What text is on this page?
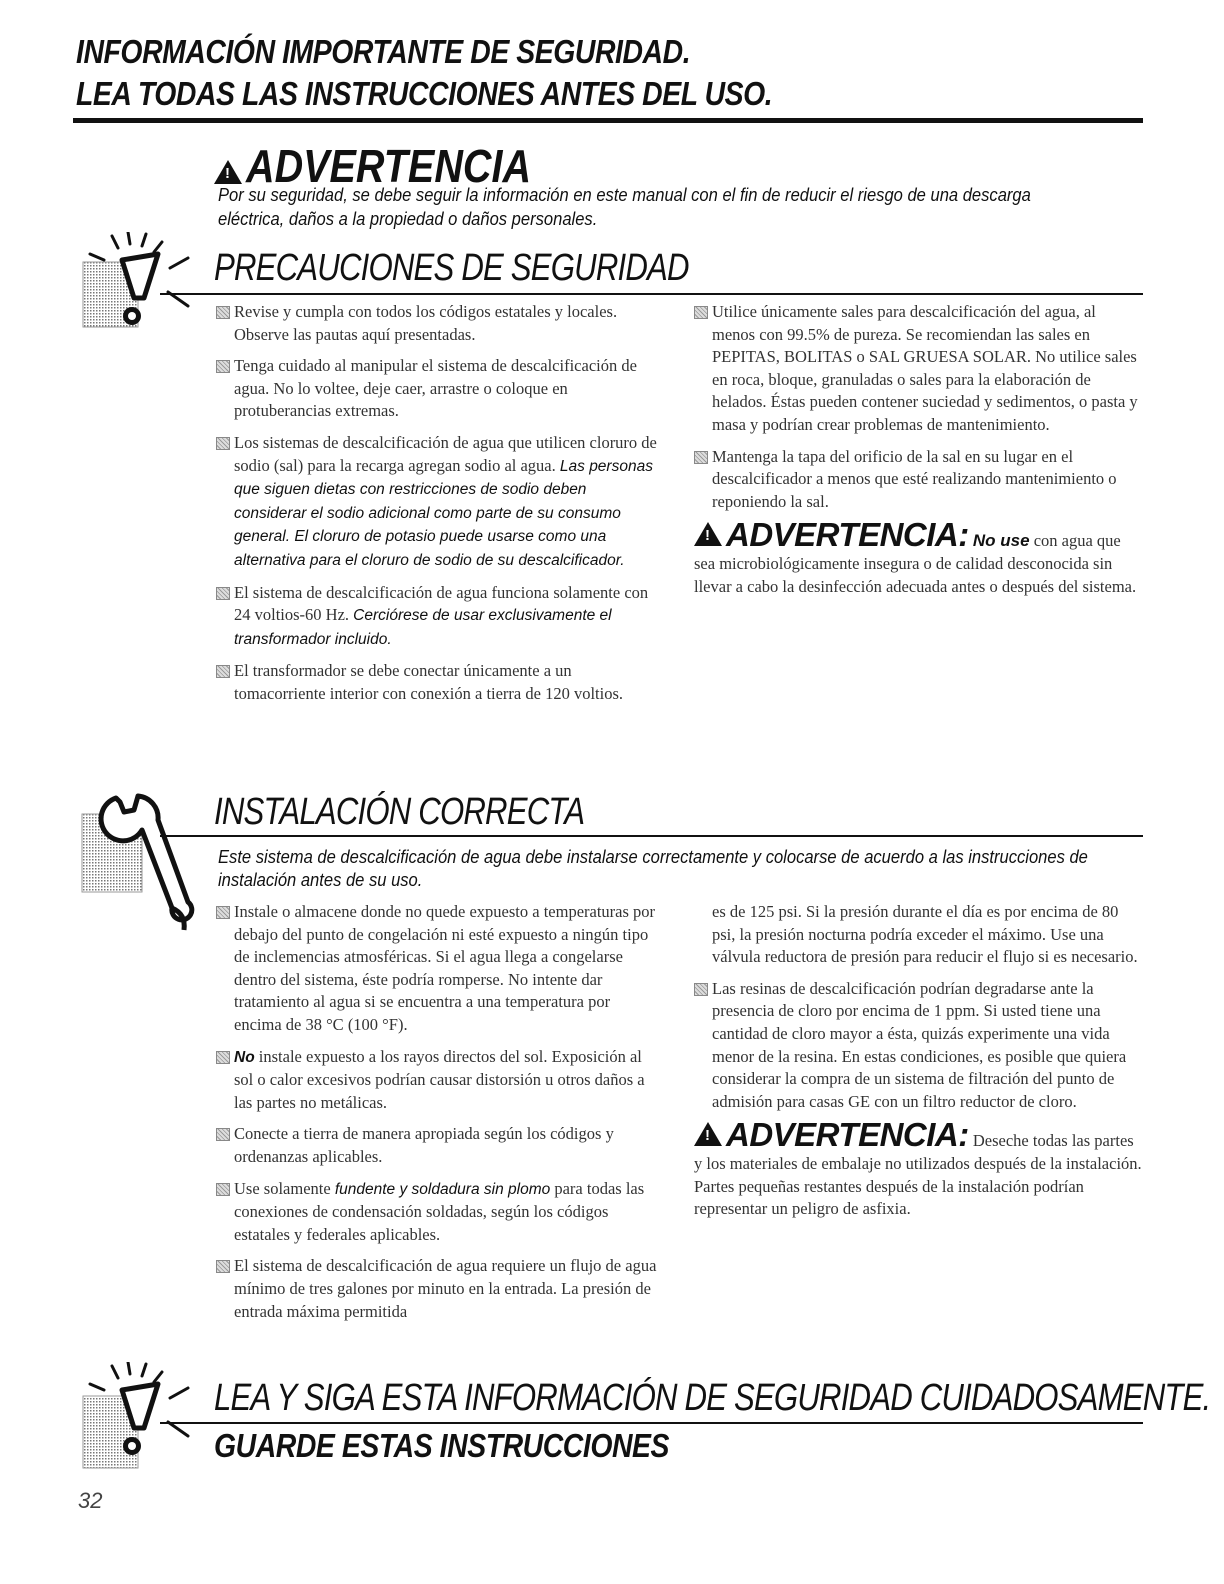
INFORMACIÓN IMPORTANTE DE SEGURIDAD.
LEA TODAS LAS INSTRUCCIONES ANTES DEL USO.
!ADVERTENCIA
Por su seguridad, se debe seguir la información en este manual con el fin de reducir el riesgo de una descarga eléctrica, daños a la propiedad o daños personales.
PRECAUCIONES DE SEGURIDAD
Revise y cumpla con todos los códigos estatales y locales. Observe las pautas aquí presentadas.
Tenga cuidado al manipular el sistema de descalcificación de agua. No lo voltee, deje caer, arrastre o coloque en protuberancias extremas.
Los sistemas de descalcificación de agua que utilicen cloruro de sodio (sal) para la recarga agregan sodio al agua. Las personas que siguen dietas con restricciones de sodio deben considerar el sodio adicional como parte de su consumo general. El cloruro de potasio puede usarse como una alternativa para el cloruro de sodio de su descalcificador.
El sistema de descalcificación de agua funciona solamente con 24 voltios-60 Hz. Cerciórese de usar exclusivamente el transformador incluido.
El transformador se debe conectar únicamente a un tomacorriente interior con conexión a tierra de 120 voltios.
Utilice únicamente sales para descalcificación del agua, al menos con 99.5% de pureza. Se recomiendan las sales en PEPITAS, BOLITAS o SAL GRUESA SOLAR. No utilice sales en roca, bloque, granuladas o sales para la elaboración de helados. Éstas pueden contener suciedad y sedimentos, o pasta y masa y podrían crear problemas de mantenimiento.
Mantenga la tapa del orificio de la sal en su lugar en el descalcificador a menos que esté realizando mantenimiento o reponiendo la sal.
!ADVERTENCIA: No use con agua que sea microbiológicamente insegura o de calidad desconocida sin llevar a cabo la desinfección adecuada antes o después del sistema.
INSTALACIÓN CORRECTA
Este sistema de descalcificación de agua debe instalarse correctamente y colocarse de acuerdo a las instrucciones de instalación antes de su uso.
Instale o almacene donde no quede expuesto a temperaturas por debajo del punto de congelación ni esté expuesto a ningún tipo de inclemencias atmosféricas. Si el agua llega a congelarse dentro del sistema, éste podría romperse. No intente dar tratamiento al agua si se encuentra a una temperatura por encima de 38 °C (100 °F).
No instale expuesto a los rayos directos del sol. Exposición al sol o calor excesivos podrían causar distorsión u otros daños a las partes no metálicas.
Conecte a tierra de manera apropiada según los códigos y ordenanzas aplicables.
Use solamente fundente y soldadura sin plomo para todas las conexiones de condensación soldadas, según los códigos estatales y federales aplicables.
El sistema de descalcificación de agua requiere un flujo de agua mínimo de tres galones por minuto en la entrada. La presión de entrada máxima permitida
es de 125 psi. Si la presión durante el día es por encima de 80 psi, la presión nocturna podría exceder el máximo. Use una válvula reductora de presión para reducir el flujo si es necesario.
Las resinas de descalcificación podrían degradarse ante la presencia de cloro por encima de 1 ppm. Si usted tiene una cantidad de cloro mayor a ésta, quizás experimente una vida menor de la resina. En estas condiciones, es posible que quiera considerar la compra de un sistema de filtración del punto de admisión para casas GE con un filtro reductor de cloro.
!ADVERTENCIA: Deseche todas las partes y los materiales de embalaje no utilizados después de la instalación. Partes pequeñas restantes después de la instalación podrían representar un peligro de asfixia.
LEA Y SIGA ESTA INFORMACIÓN DE SEGURIDAD CUIDADOSAMENTE.
GUARDE ESTAS INSTRUCCIONES
32
